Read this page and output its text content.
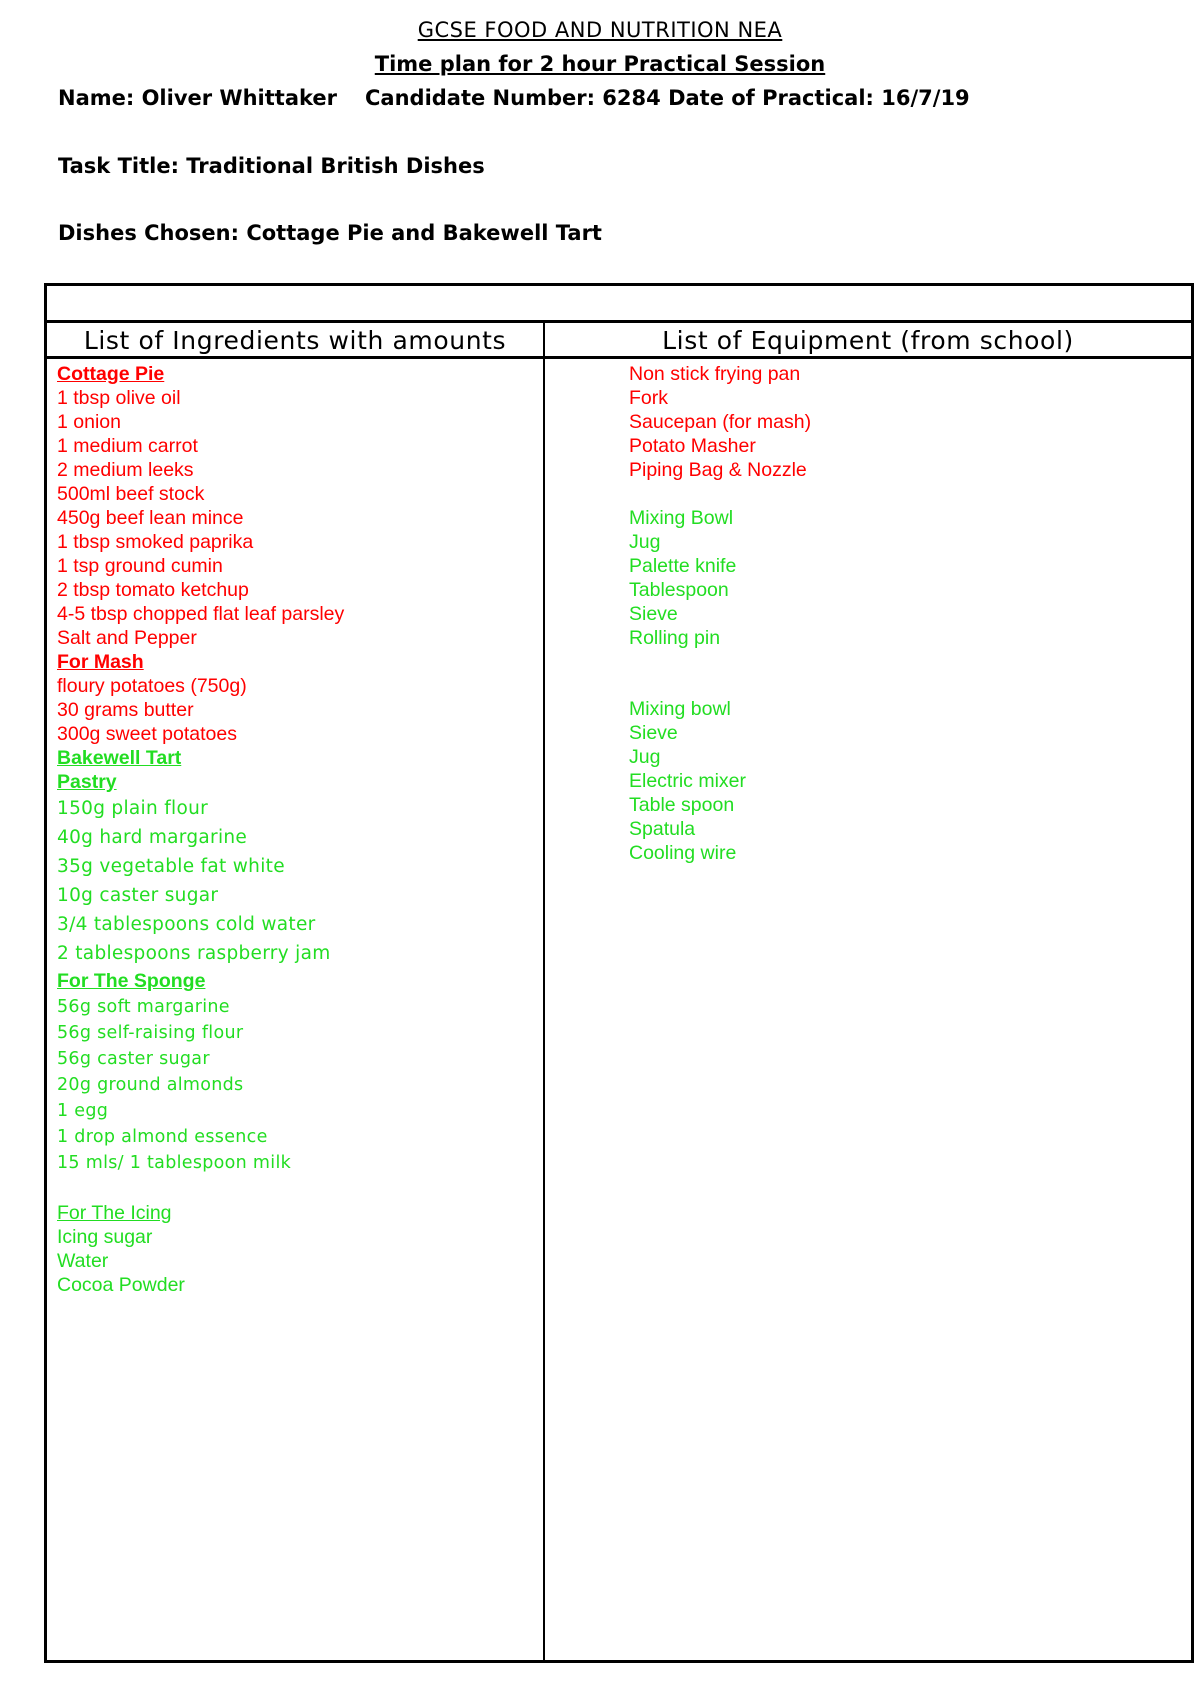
GCSE FOOD AND NUTRITION NEA
Time plan for 2 hour Practical Session
Name: Oliver Whittaker Candidate Number: 6284 Date of Practical: 16/7/19
Task Title: Traditional British Dishes
Dishes Chosen: Cottage Pie and Bakewell Tart
List of Ingredients with amounts	List of Equipment (from school)
Cottage Pie
1 tbsp olive oil
1 onion
1 medium carrot
2 medium leeks
500ml beef stock
450g beef lean mince
1 tbsp smoked paprika
1 tsp ground cumin
2 tbsp tomato ketchup
4-5 tbsp chopped flat leaf parsley
Salt and Pepper
For Mash
floury potatoes (750g)
30 grams butter
300g sweet potatoes
Bakewell Tart
Pastry
150g plain flour
40g hard margarine
35g vegetable fat white
10g caster sugar
3/4 tablespoons cold water
2 tablespoons raspberry jam
For The Sponge
56g soft margarine
56g self-raising flour
56g caster sugar
20g ground almonds
1 egg
1 drop almond essence
15 mls/ 1 tablespoon milk
For The Icing
Icing sugar
Water
Cocoa Powder
Non stick frying pan
Fork
Saucepan (for mash)
Potato Masher
Piping Bag & Nozzle
Mixing Bowl
Jug
Palette knife
Tablespoon
Sieve
Rolling pin
Mixing bowl
Sieve
Jug
Electric mixer
Table spoon
Spatula
Cooling wire
